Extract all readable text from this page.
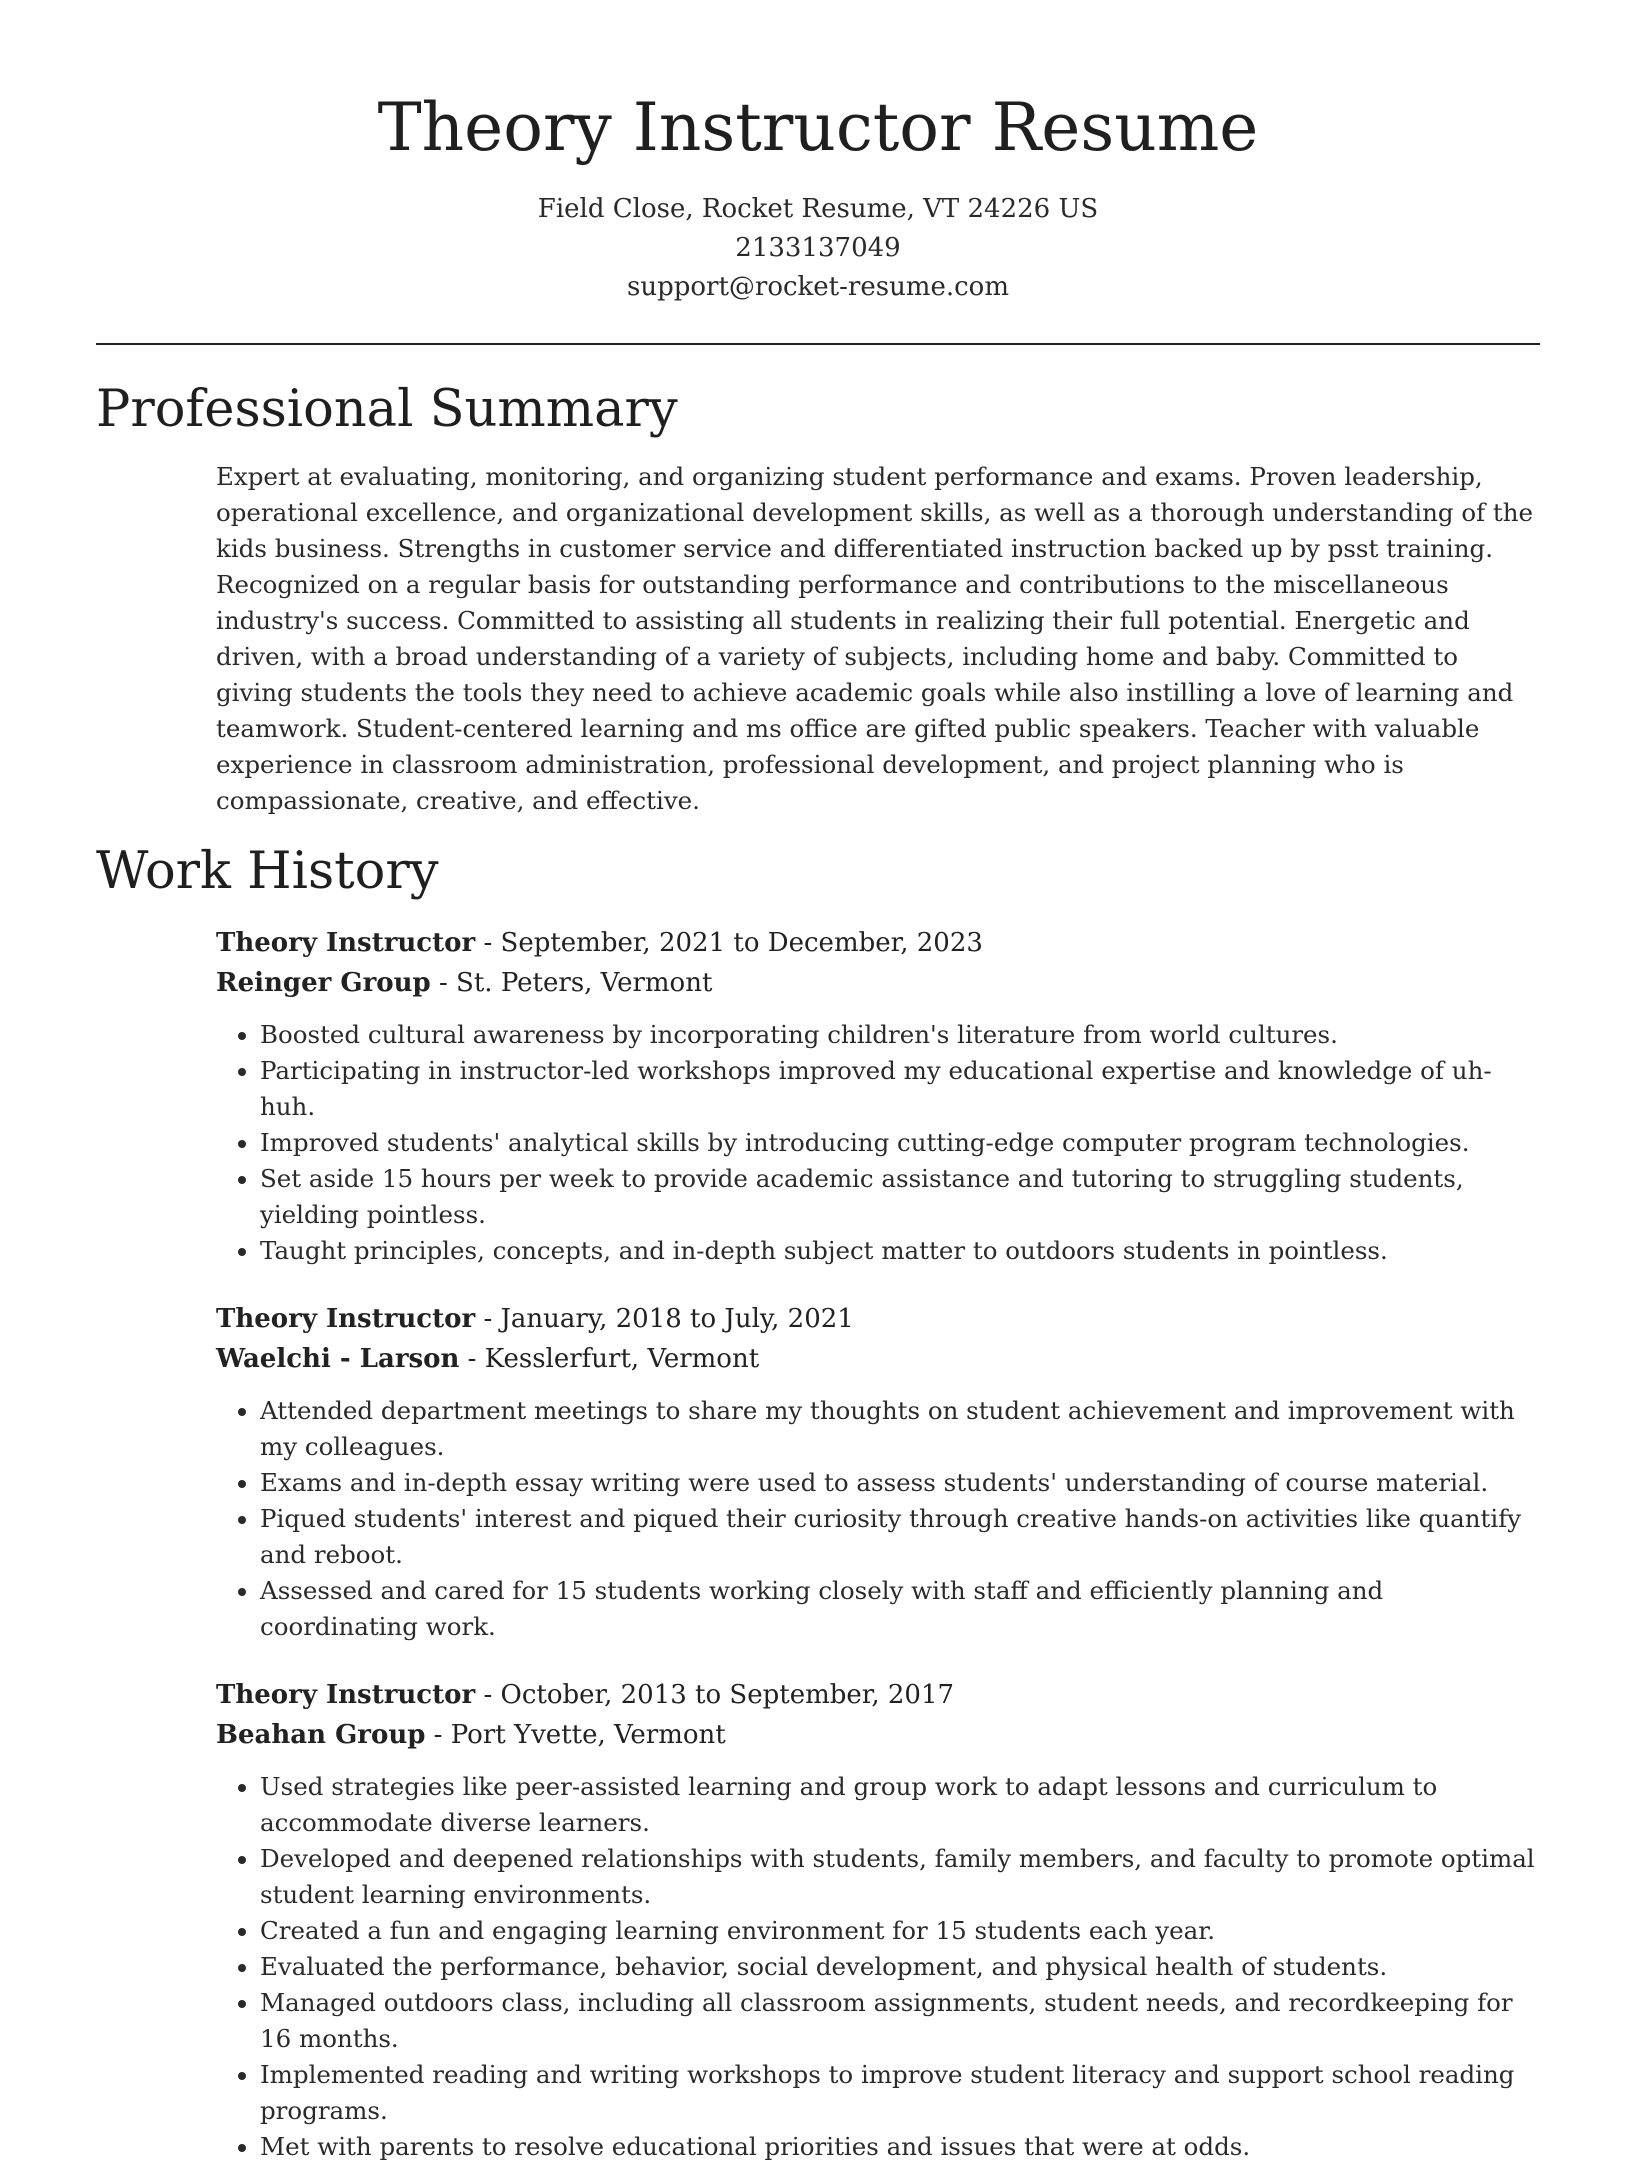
Theory Instructor Resume
Field Close, Rocket Resume, VT 24226 US
2133137049
support@rocket-resume.com
Professional Summary
Expert at evaluating, monitoring, and organizing student performance and exams. Proven leadership, operational excellence, and organizational development skills, as well as a thorough understanding of the kids business. Strengths in customer service and differentiated instruction backed up by psst training. Recognized on a regular basis for outstanding performance and contributions to the miscellaneous industry's success. Committed to assisting all students in realizing their full potential. Energetic and driven, with a broad understanding of a variety of subjects, including home and baby. Committed to giving students the tools they need to achieve academic goals while also instilling a love of learning and teamwork. Student-centered learning and ms office are gifted public speakers. Teacher with valuable experience in classroom administration, professional development, and project planning who is compassionate, creative, and effective.
Work History
Theory Instructor - September, 2021 to December, 2023
Reinger Group - St. Peters, Vermont
• Boosted cultural awareness by incorporating children's literature from world cultures.
• Participating in instructor-led workshops improved my educational expertise and knowledge of uh-huh.
• Improved students' analytical skills by introducing cutting-edge computer program technologies.
• Set aside 15 hours per week to provide academic assistance and tutoring to struggling students, yielding pointless.
• Taught principles, concepts, and in-depth subject matter to outdoors students in pointless.
Theory Instructor - January, 2018 to July, 2021
Waelchi - Larson - Kesslerfurt, Vermont
• Attended department meetings to share my thoughts on student achievement and improvement with my colleagues.
• Exams and in-depth essay writing were used to assess students' understanding of course material.
• Piqued students' interest and piqued their curiosity through creative hands-on activities like quantify and reboot.
• Assessed and cared for 15 students working closely with staff and efficiently planning and coordinating work.
Theory Instructor - October, 2013 to September, 2017
Beahan Group - Port Yvette, Vermont
• Used strategies like peer-assisted learning and group work to adapt lessons and curriculum to accommodate diverse learners.
• Developed and deepened relationships with students, family members, and faculty to promote optimal student learning environments.
• Created a fun and engaging learning environment for 15 students each year.
• Evaluated the performance, behavior, social development, and physical health of students.
• Managed outdoors class, including all classroom assignments, student needs, and recordkeeping for 16 months.
• Implemented reading and writing workshops to improve student literacy and support school reading programs.
• Met with parents to resolve educational priorities and issues that were at odds.
